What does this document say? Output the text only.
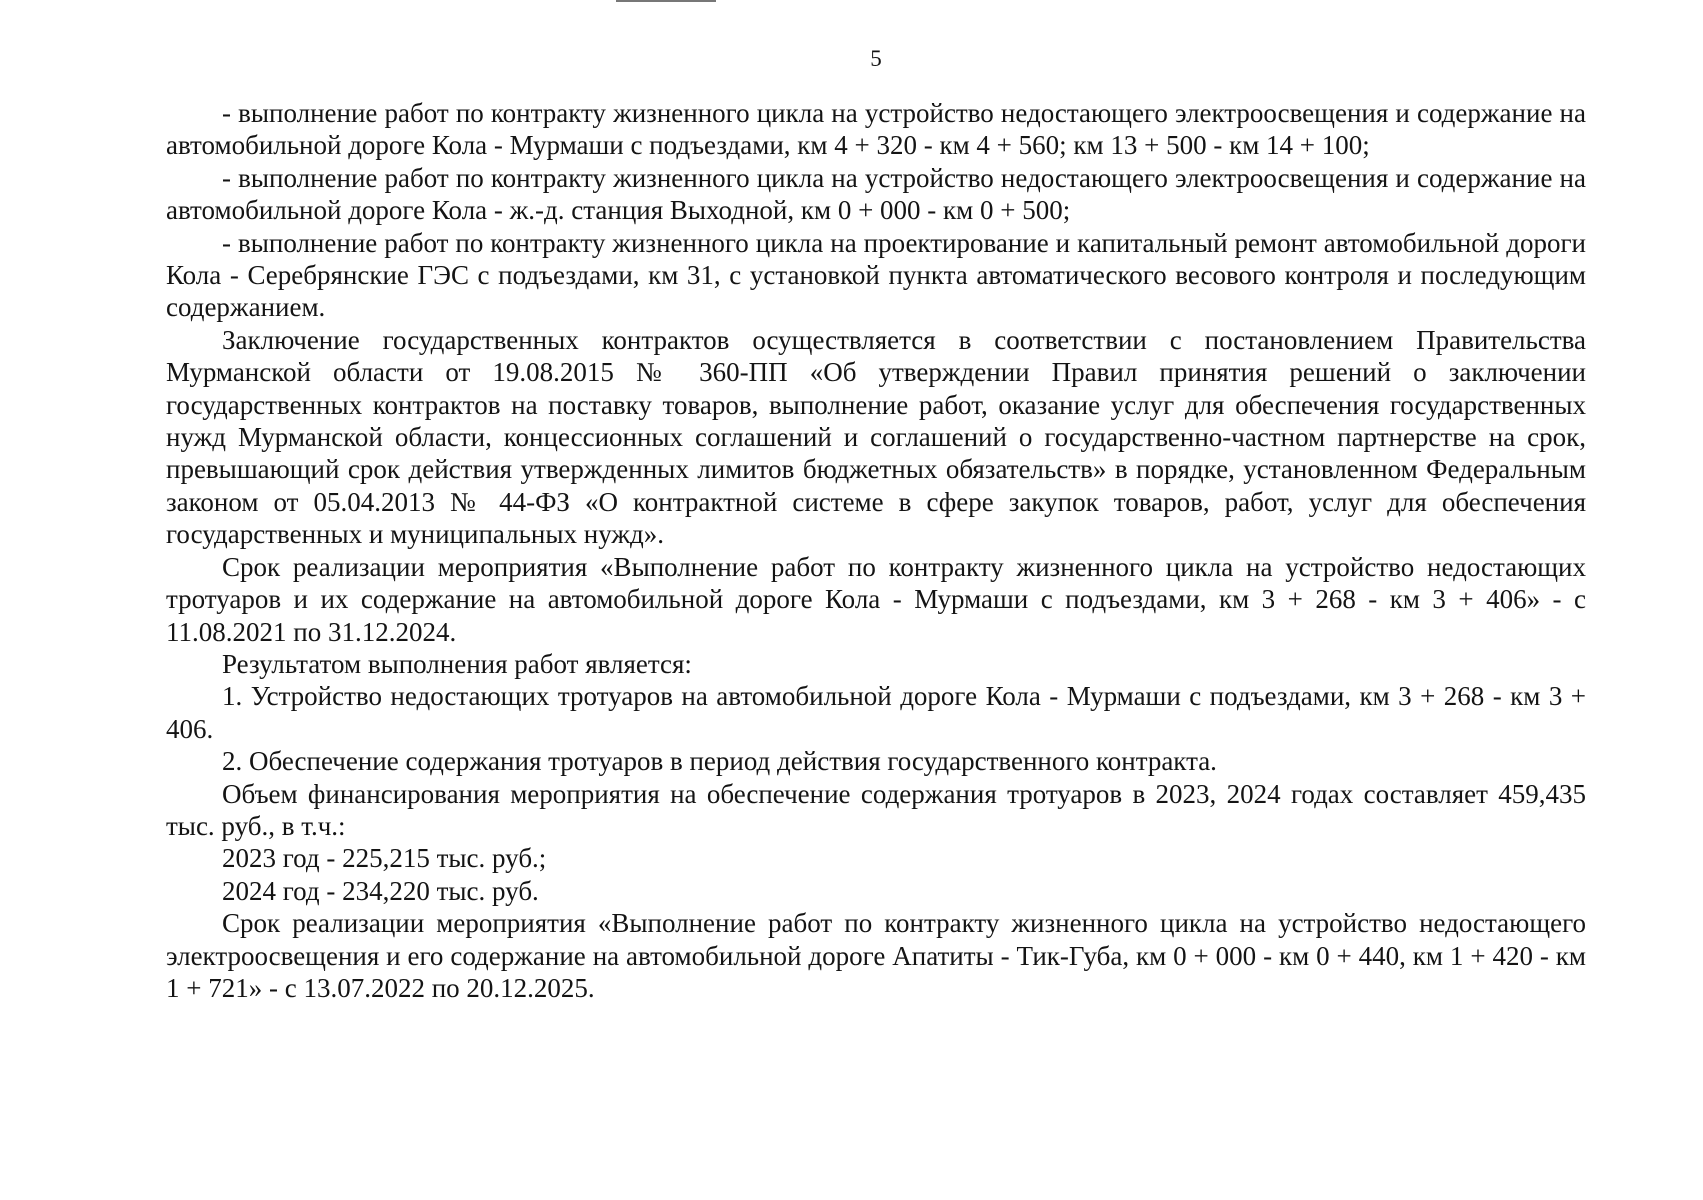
5

- выполнение работ по контракту жизненного цикла на устройство недостающего электроосвещения и содержание на автомобильной дороге Кола - Мурмаши с подъездами, км 4 + 320 - км 4 + 560; км 13 + 500 - км 14 + 100;

- выполнение работ по контракту жизненного цикла на устройство недостающего электроосвещения и содержание на автомобильной дороге Кола - ж.-д. станция Выходной, км 0 + 000 - км 0 + 500;

- выполнение работ по контракту жизненного цикла на проектирование и капитальный ремонт автомобильной дороги Кола - Серебрянские ГЭС с подъездами, км 31, с установкой пункта автоматического весового контроля и последующим содержанием.

Заключение государственных контрактов осуществляется в соответствии с постановлением Правительства Мурманской области от 19.08.2015 № 360-ПП «Об утверждении Правил принятия решений о заключении государственных контрактов на поставку товаров, выполнение работ, оказание услуг для обеспечения государственных нужд Мурманской области, концессионных соглашений и соглашений о государственно-частном партнерстве на срок, превышающий срок действия утвержденных лимитов бюджетных обязательств» в порядке, установленном Федеральным законом от 05.04.2013 № 44-ФЗ «О контрактной системе в сфере закупок товаров, работ, услуг для обеспечения государственных и муниципальных нужд».

Срок реализации мероприятия «Выполнение работ по контракту жизненного цикла на устройство недостающих тротуаров и их содержание на автомобильной дороге Кола - Мурмаши с подъездами, км 3 + 268 - км 3 + 406» - с 11.08.2021 по 31.12.2024.

Результатом выполнения работ является:

1. Устройство недостающих тротуаров на автомобильной дороге Кола - Мурмаши с подъездами, км 3 + 268 - км 3 + 406.

2. Обеспечение содержания тротуаров в период действия государственного контракта.

Объем финансирования мероприятия на обеспечение содержания тротуаров в 2023, 2024 годах составляет 459,435 тыс. руб., в т.ч.:

2023 год - 225,215 тыс. руб.;

2024 год - 234,220 тыс. руб.

Срок реализации мероприятия «Выполнение работ по контракту жизненного цикла на устройство недостающего электроосвещения и его содержание на автомобильной дороге Апатиты - Тик-Губа, км 0 + 000 - км 0 + 440, км 1 + 420 - км 1 + 721» - с 13.07.2022 по 20.12.2025.
